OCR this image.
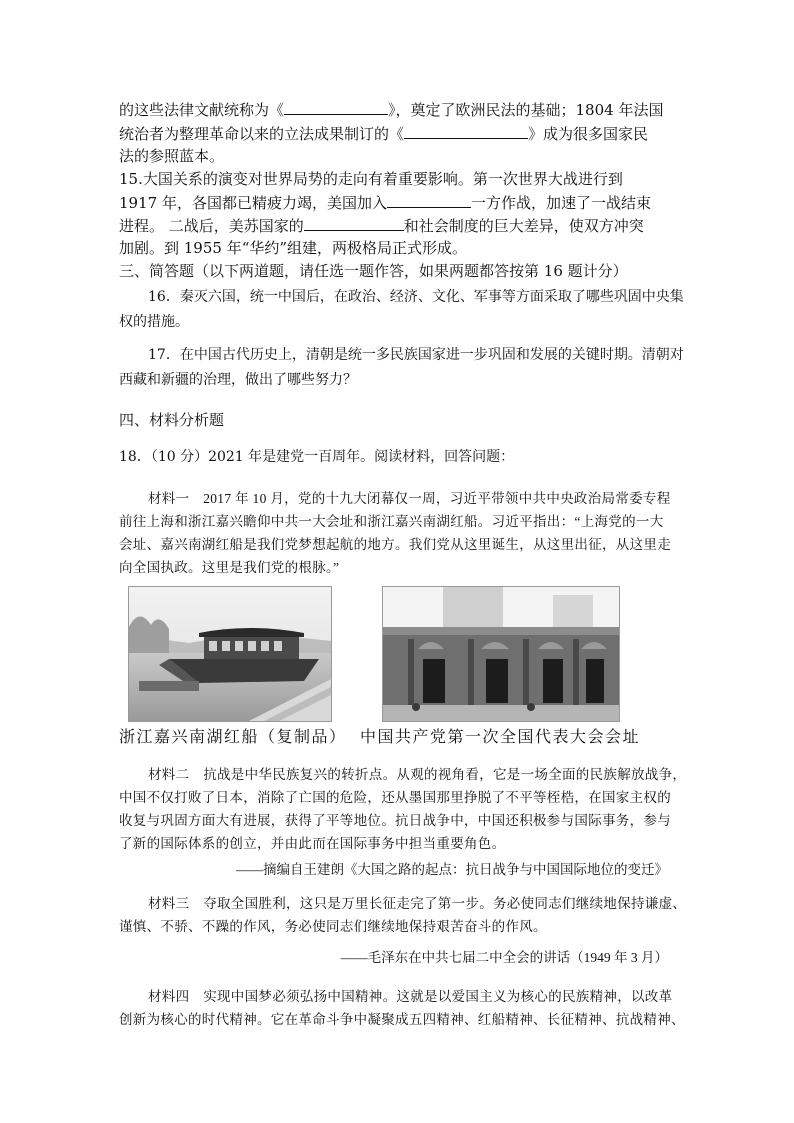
的这些法律文献统称为《	》，奠定了欧洲民法的基础；1804 年法国
统治者为整理革命以来的立法成果制订的《	》成为很多国家民
法的参照蓝本。
15.大国关系的演变对世界局势的走向有着重要影响。第一次世界大战进行到
1917 年，各国都已精疲力竭，美国加入	一方作战，加速了一战结束
进程。 二战后，美苏国家的	和社会制度的巨大差异，使双方冲突
加剧。到 1955 年“华约”组建，两极格局正式形成。
三、简答题（以下两道题，请任选一题作答，如果两题都答按第 16 题计分）
16．秦灭六国，统一中国后，在政治、经济、文化、军事等方面采取了哪些巩固中央集
权的措施。
17．在中国古代历史上，清朝是统一多民族国家进一步巩固和发展的关键时期。清朝对
西藏和新疆的治理，做出了哪些努力？
四、材料分析题
18．（10 分）2021 年是建党一百周年。阅读材料，回答问题：
材料一　2017 年 10 月，党的十九大闭幕仅一周，习近平带领中共中央政治局常委专程
前往上海和浙江嘉兴瞻仰中共一大会址和浙江嘉兴南湖红船。习近平指出：“上海党的一大
会址、嘉兴南湖红船是我们党梦想起航的地方。我们党从这里诞生，从这里出征，从这里走
向全国执政。这里是我们党的根脉。”
浙江嘉兴南湖红船（复制品） 中国共产党第一次全国代表大会会址
材料二　抗战是中华民族复兴的转折点。从观的视角看，它是一场全面的民族解放战争，
中国不仅打败了日本，消除了亡国的危险，还从墨国那里挣脱了不平等桎梏，在国家主权的
收复与巩固方面大有进展，获得了平等地位。抗日战争中，中国还积极参与国际事务，参与
了新的国际体系的创立，并由此而在国际事务中担当重要角色。
——摘编自王建朗《大国之路的起点：抗日战争与中国国际地位的变迁》
材料三　夺取全国胜利，这只是万里长征走完了第一步。务必使同志们继续地保持谦虚、
谨慎、不骄、不躁的作风，务必使同志们继续地保持艰苦奋斗的作风。
——毛泽东在中共七届二中全会的讲话（1949 年 3 月）
材料四　实现中国梦必须弘扬中国精神。这就是以爱国主义为核心的民族精神，以改革
创新为核心的时代精神。它在革命斗争中凝聚成五四精神、红船精神、长征精神、抗战精神、
